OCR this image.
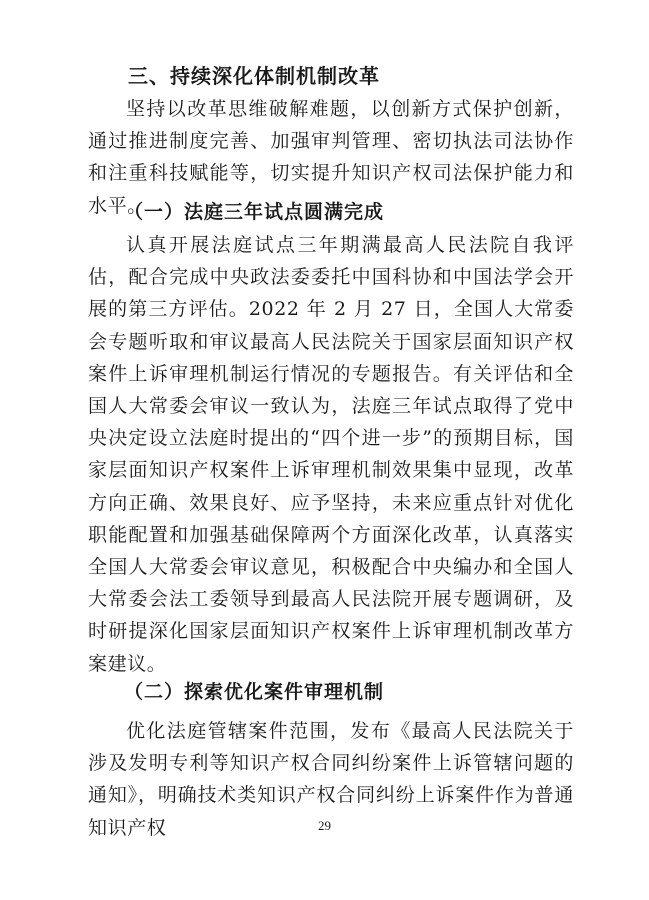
三、持续深化体制机制改革

坚持以改革思维破解难题，以创新方式保护创新，通过推进制度完善、加强审判管理、密切执法司法协作和注重科技赋能等，切实提升知识产权司法保护能力和水平。

（一）法庭三年试点圆满完成

认真开展法庭试点三年期满最高人民法院自我评估，配合完成中央政法委委托中国科协和中国法学会开展的第三方评估。2022 年 2 月 27 日，全国人大常委会专题听取和审议最高人民法院关于国家层面知识产权案件上诉审理机制运行情况的专题报告。有关评估和全国人大常委会审议一致认为，法庭三年试点取得了党中央决定设立法庭时提出的“四个进一步”的预期目标，国家层面知识产权案件上诉审理机制效果集中显现，改革方向正确、效果良好、应予坚持，未来应重点针对优化职能配置和加强基础保障两个方面深化改革，认真落实全国人大常委会审议意见，积极配合中央编办和全国人大常委会法工委领导到最高人民法院开展专题调研，及时研提深化国家层面知识产权案件上诉审理机制改革方案建议。

（二）探索优化案件审理机制

优化法庭管辖案件范围，发布《最高人民法院关于涉及发明专利等知识产权合同纠纷案件上诉管辖问题的通知》，明确技术类知识产权合同纠纷上诉案件作为普通知识产权	29
